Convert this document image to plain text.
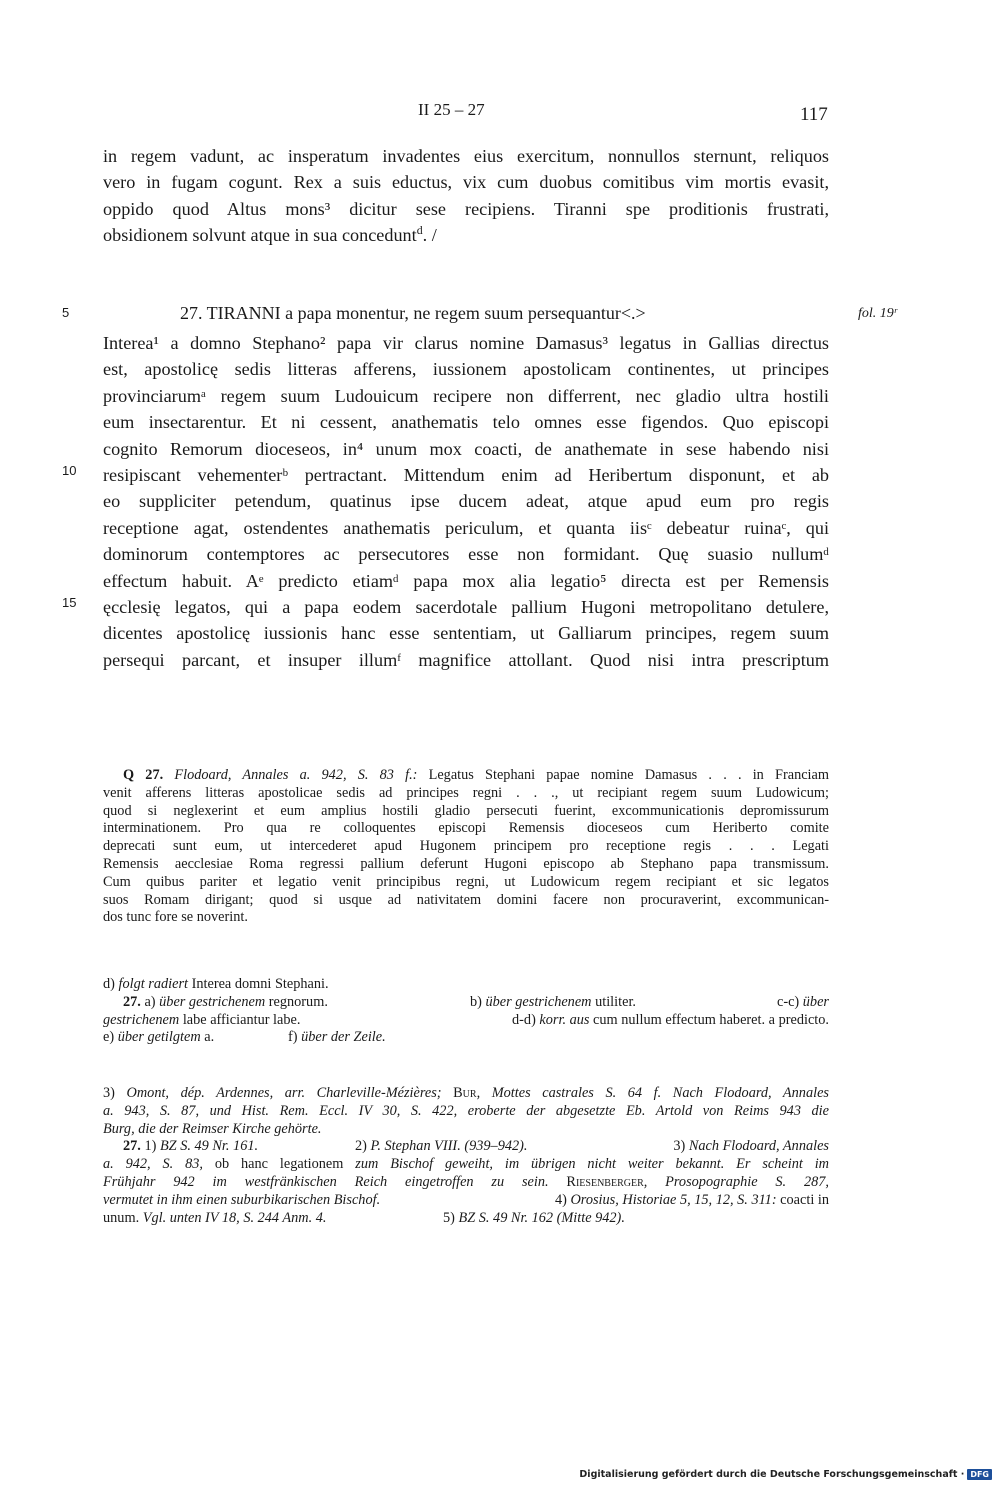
II 25 – 27	117
in regem vadunt, ac insperatum invadentes eius exercitum, nonnullos sternunt, reliquos
vero in fugam cogunt. Rex a suis eductus, vix cum duobus comitibus vim mortis evasit,
oppido quod Altus mons³ dicitur sese recipiens. Tiranni spe proditionis frustrati,
obsidionem solvunt atque in sua concedunt$^d$. /
5
10
15
27. TIRANNI a papa monentur, ne regem suum persequantur<.>	fol. 19ʳ
Interea¹ a domno Stephano² papa vir clarus nomine Damasus³ legatus in Gallias directus
est, apostolicę sedis litteras afferens, iussionem apostolicam continentes, ut principes
provinciarumᵃ regem suum Ludouicum recipere non differrent, nec gladio ultra hostili
eum insectarentur. Et ni cessent, anathematis telo omnes esse figendos. Quo episcopi
cognito Remorum dioceseos, in⁴ unum mox coacti, de anathemate in sese habendo nisi
resipiscant vehementerᵇ pertractant. Mittendum enim ad Heribertum disponunt, et ab
eo suppliciter petendum, quatinus ipse ducem adeat, atque apud eum pro regis
receptione agat, ostendentes anathematis periculum, et quanta iisᶜ debeatur ruinaᶜ, qui
dominorum contemptores ac persecutores esse non formidant. Quę suasio nullumᵈ
effectum habuit. Aᵉ predicto etiamᵈ papa mox alia legatio⁵ directa est per Remensis
ęcclesię legatos, qui a papa eodem sacerdotale pallium Hugoni metropolitano detulere,
dicentes apostolicę iussionis hanc esse sententiam, ut Galliarum principes, regem suum
persequi parcant, et insuper illumᶠ magnifice attollant. Quod nisi intra prescriptum
Q 27. Flodoard, Annales a. 942, S. 83 f.: Legatus Stephani papae nomine Damasus . . . in Franciam
venit afferens litteras apostolicae sedis ad principes regni . . ., ut recipiant regem suum Ludowicum;
quod si neglexerint et eum amplius hostili gladio persecuti fuerint, excommunicationis depromissurum
interminationem. Pro qua re colloquentes episcopi Remensis dioceseos cum Heriberto comite
deprecati sunt eum, ut intercederet apud Hugonem principem pro receptione regis . . . Legati
Remensis aecclesiae Roma regressi pallium deferunt Hugoni episcopo ab Stephano papa transmissum.
Cum quibus pariter et legatio venit principibus regni, ut Ludowicum regem recipiant et sic legatos
suos Romam dirigant; quod si usque ad nativitatem domini facere non procuraverint, excommunican-
dos tunc fore se noverint.
d) folgt radiert Interea domni Stephani.
27. a) über gestrichenem regnorum.	b) über gestrichenem utiliter.	c-c) über
gestrichenem labe afficiantur labe.	d-d) korr. aus cum nullum effectum haberet. a predicto.
e) über getilgtem a.	f) über der Zeile.
3) Omont, dép. Ardennes, arr. Charleville-Mézières; Bur, Mottes castrales S. 64 f. Nach Flodoard, Annales
a. 943, S. 87, und Hist. Rem. Eccl. IV 30, S. 422, eroberte der abgesetzte Eb. Artold von Reims 943 die
Burg, die der Reimser Kirche gehörte.
27. 1) BZ S. 49 Nr. 161.	2) P. Stephan VIII. (939–942).	3) Nach Flodoard, Annales
a. 942, S. 83, ob hanc legationem zum Bischof geweiht, im übrigen nicht weiter bekannt. Er scheint im
Frühjahr 942 im westfränkischen Reich eingetroffen zu sein. Riesenberger, Prosopographie S. 287,
vermutet in ihm einen suburbikarischen Bischof.	4) Orosius, Historiae 5, 15, 12, S. 311: coacti in
unum. Vgl. unten IV 18, S. 244 Anm. 4.	5) BZ S. 49 Nr. 162 (Mitte 942).
Digitalisierung gefördert durch die Deutsche Forschungsgemeinschaft · DFG
